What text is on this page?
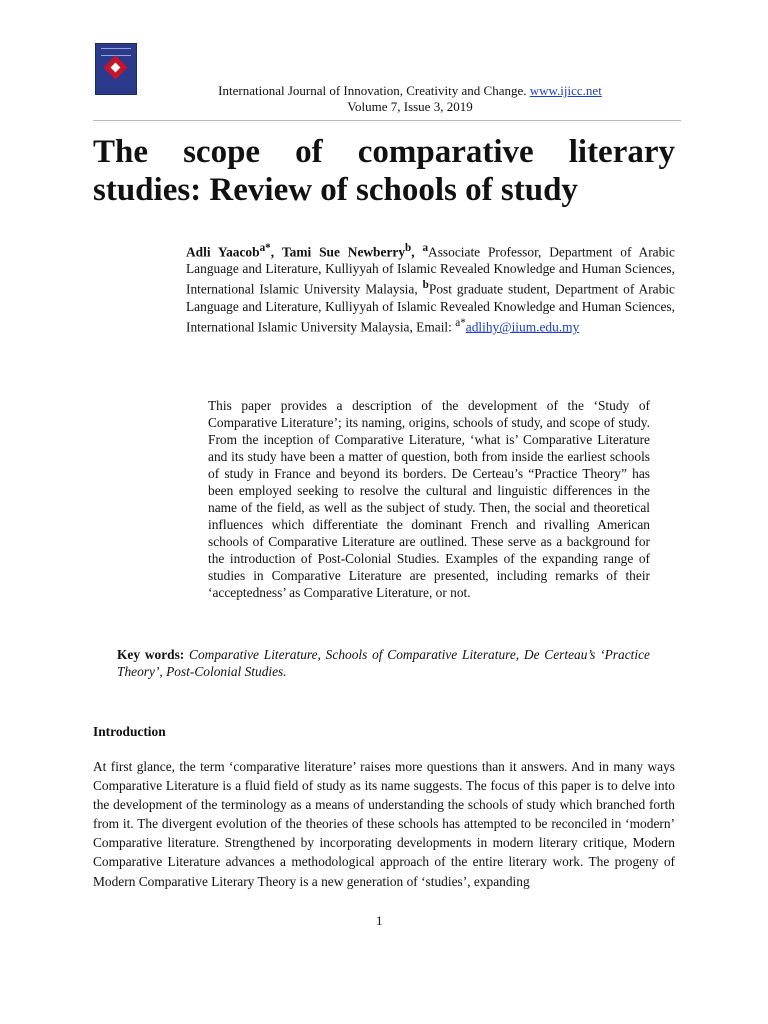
International Journal of Innovation, Creativity and Change. www.ijicc.net
Volume 7, Issue 3, 2019
The scope of comparative literary studies: Review of schools of study
Adli Yaacob$^{a*}$, Tami Sue Newberry$^b$, $^a$Associate Professor, Department of Arabic Language and Literature, Kulliyyah of Islamic Revealed Knowledge and Human Sciences, International Islamic University Malaysia, $^b$Post graduate student, Department of Arabic Language and Literature, Kulliyyah of Islamic Revealed Knowledge and Human Sciences, International Islamic University Malaysia, Email: $^{a*}$adlihy@iium.edu.my

This paper provides a description of the development of the ‘Study of Comparative Literature’; its naming, origins, schools of study, and scope of study. From the inception of Comparative Literature, ‘what is’ Comparative Literature and its study have been a matter of question, both from inside the earliest schools of study in France and beyond its borders. De Certeau’s “Practice Theory” has been employed seeking to resolve the cultural and linguistic differences in the name of the field, as well as the subject of study. Then, the social and theoretical influences which differentiate the dominant French and rivalling American schools of Comparative Literature are outlined. These serve as a background for the introduction of Post-Colonial Studies. Examples of the expanding range of studies in Comparative Literature are presented, including remarks of their ‘acceptedness’ as Comparative Literature, or not.

Key words: Comparative Literature, Schools of Comparative Literature, De Certeau’s ‘Practice Theory’, Post-Colonial Studies.
Introduction

At first glance, the term ‘comparative literature’ raises more questions than it answers. And in many ways Comparative Literature is a fluid field of study as its name suggests. The focus of this paper is to delve into the development of the terminology as a means of understanding the schools of study which branched forth from it. The divergent evolution of the theories of these schools has attempted to be reconciled in ‘modern’ Comparative literature. Strengthened by incorporating developments in modern literary critique, Modern Comparative Literature advances a methodological approach of the entire literary work. The progeny of Modern Comparative Literary Theory is a new generation of ‘studies’, expanding

1
